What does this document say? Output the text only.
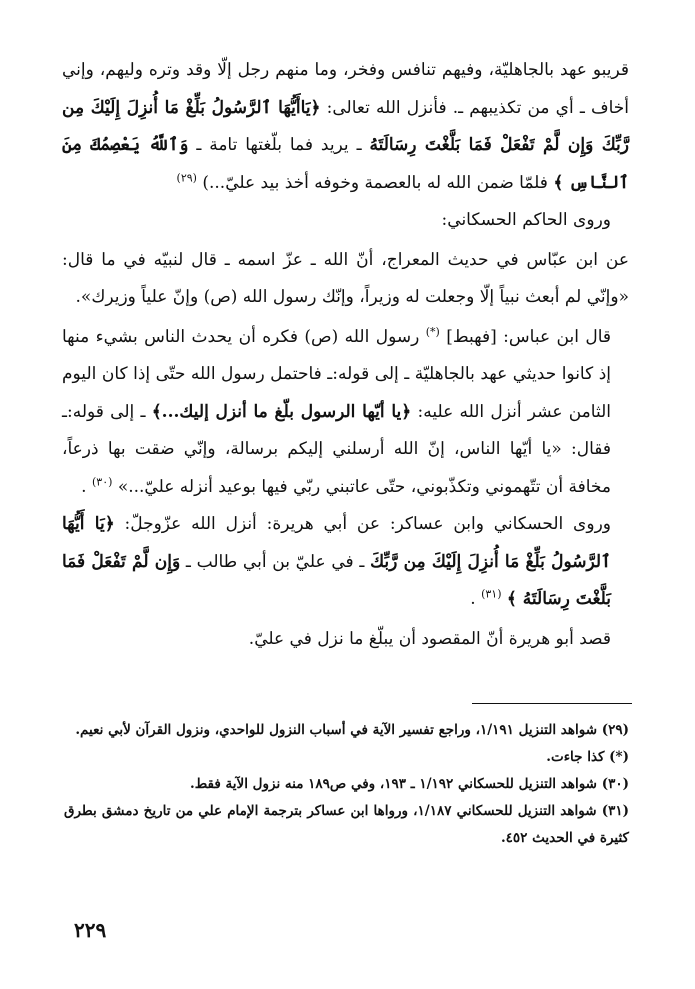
قريبو عهد بالجاهليّة، وفيهم تنافس وفخر، وما منهم رجل إلّا وقد وتره وليهم، وإني أخاف ـ أي من تكذيبهم ـ. فأنزل الله تعالى: ﴿يَاأَيُّهَا ٱلرَّسُولُ بَلِّغْ مَا أُنزِلَ إِلَيْكَ مِن رَّبِّكَ وَإِن لَّمْ تَفْعَلْ فَمَا بَلَّغْتَ رِسَالَتَهُ ـ يريد فما بلّغتها تامة ـ وَٱللَّهُ يَعْصِمُكَ مِنَ ٱلنَّاسِ ﴾ فلمّا ضمن الله له بالعصمة وخوفه أخذ بيد عليّ...) $^{(٢٩)}$

وروى الحاكم الحسكاني:

عن ابن عبّاس في حديث المعراج، أنّ الله ـ عزّ اسمه ـ قال لنبيّه في ما قال: «وإنّي لم أبعث نبياً إلّا وجعلت له وزيراً، وإنّك رسول الله (ص) وإنّ علياً وزيرك».

قال ابن عباس: [فهبط] (*) رسول الله (ص) فكره أن يحدث الناس بشيء منها إذ كانوا حديثي عهد بالجاهليّة ـ إلى قوله:ـ فاحتمل رسول الله حتّى إذا كان اليوم الثامن عشر أنزل الله عليه: ﴿يا أيّها الرسول بلّغ ما أنزل إليك...﴾ ـ إلى قوله:ـ فقال: «يا أيّها الناس، إنّ الله أرسلني إليكم برسالة، وإنّي ضقت بها ذرعاً، مخافة أن تتّهموني وتكذّبوني، حتّى عاتبني ربّي فيها بوعيد أنزله عليّ...» $^{(٣٠)}$ .

وروى الحسكاني وابن عساكر: عن أبي هريرة: أنزل الله عزّوجلّ: ﴿يَا أَيُّهَا ٱلرَّسُولُ بَلِّغْ مَا أُنزِلَ إِلَيْكَ مِن رَّبِّكَ ـ في عليّ بن أبي طالب ـ وَإِن لَّمْ تَفْعَلْ فَمَا بَلَّغْتَ رِسَالَتَهُ ﴾ $^{(٣١)}$ .

قصد أبو هريرة أنّ المقصود أن يبلّغ ما نزل في عليّ.

(٢٩) شواهد التنزيل ١/١٩١، وراجع تفسير الآية في أسباب النزول للواحدي، ونزول القرآن لأبي نعيم.

(*) كذا جاءت.

(٣٠) شواهد التنزيل للحسكاني ١/١٩٢ ـ ١٩٣، وفي ص١٨٩ منه نزول الآية فقط.

(٣١) شواهد التنزيل للحسكاني ١/١٨٧، ورواها ابن عساكر بترجمة الإمام علي من تاريخ دمشق بطرق كثيرة في الحديث ٤٥٢.

٢٢٩
